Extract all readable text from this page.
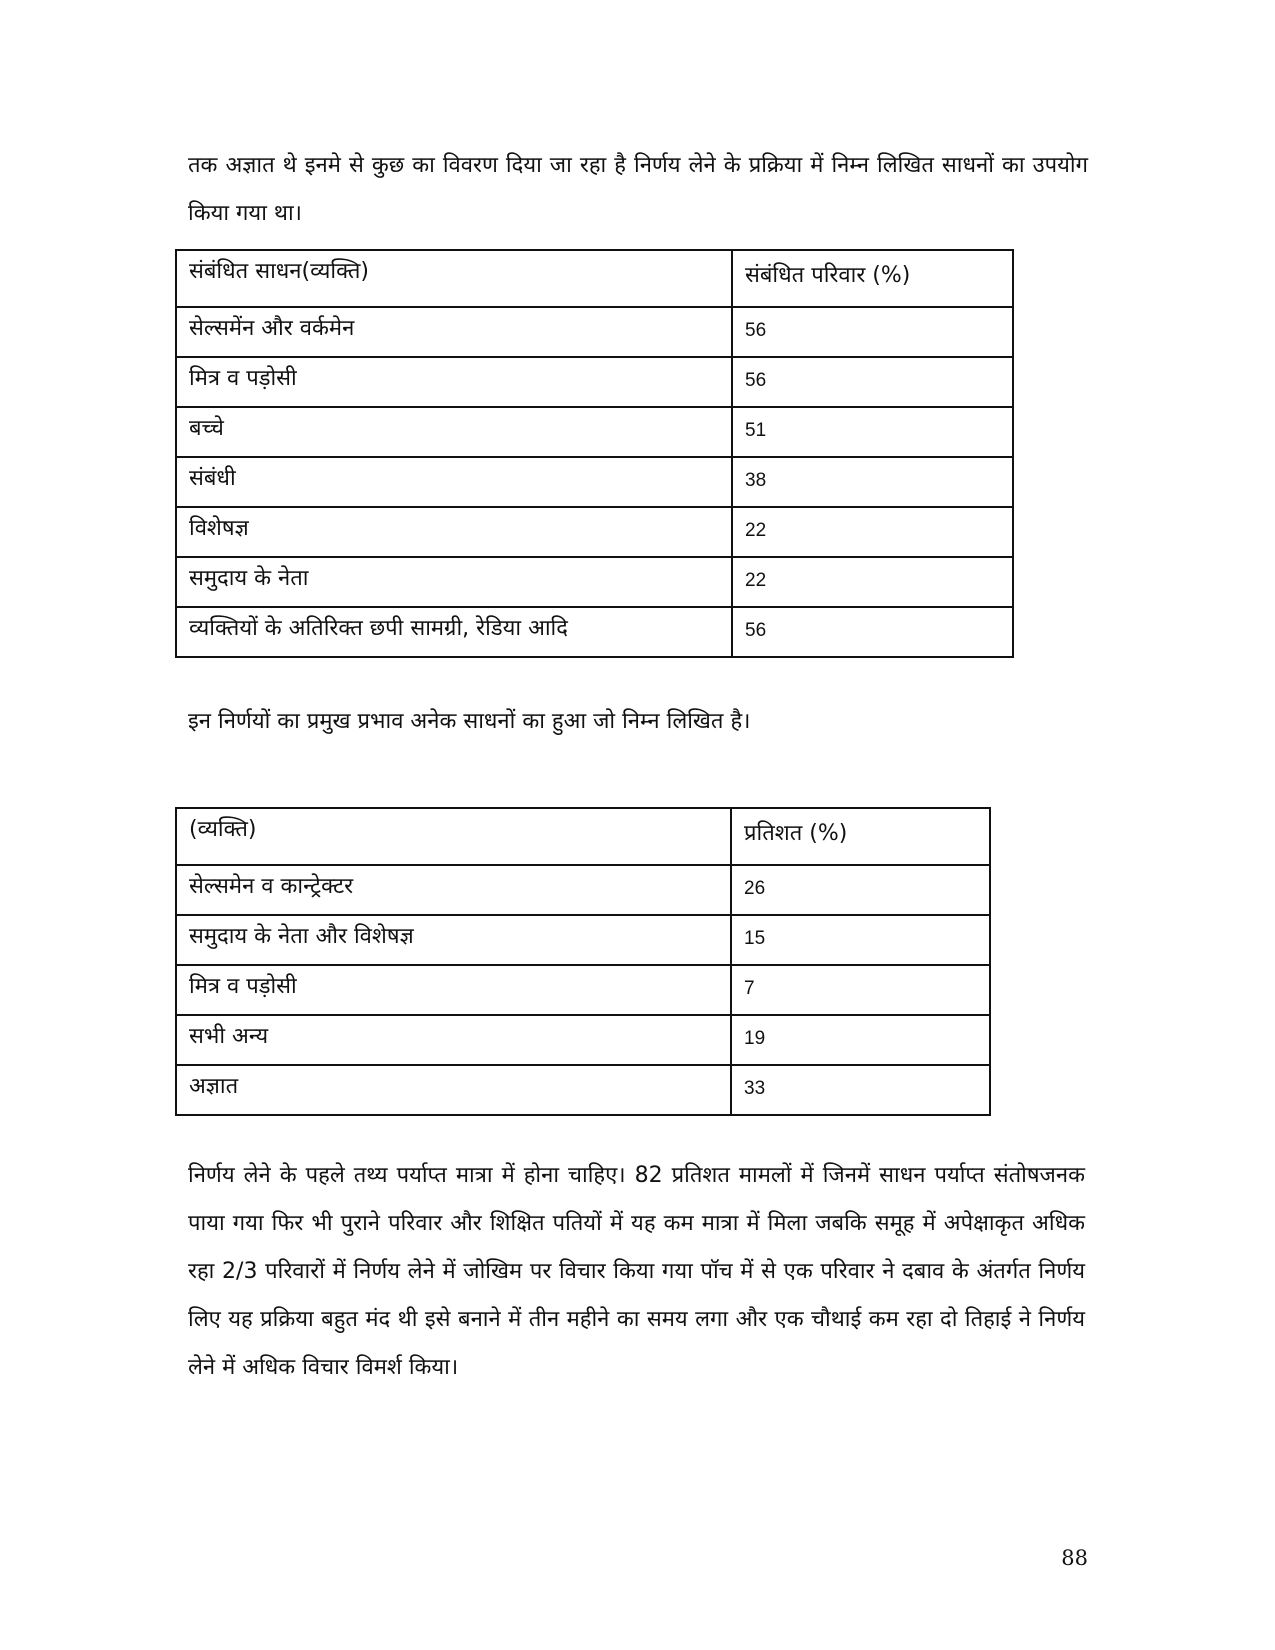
तक अज्ञात थे इनमे से कुछ का विवरण दिया जा रहा है निर्णय लेने के प्रक्रिया में निम्न लिखित साधनों का उपयोग किया गया था।

संबंधित साधन(व्यक्ति)	संबंधित परिवार (%)
सेल्समेंन और वर्कमेन	56
मित्र व पड़ोसी	56
बच्चे	51
संबंधी	38
विशेषज्ञ	22
समुदाय के नेता	22
व्यक्तियों के अतिरिक्त छपी सामग्री, रेडिया आदि	56

इन निर्णयों का प्रमुख प्रभाव अनेक साधनों का हुआ जो निम्न लिखित है।

(व्यक्ति)	प्रतिशत (%)
सेल्समेन व कान्ट्रेक्टर	26
समुदाय के नेता और विशेषज्ञ	15
मित्र व पड़ोसी	7
सभी अन्य	19
अज्ञात	33

निर्णय लेने के पहले तथ्य पर्याप्त मात्रा में होना चाहिए। 82 प्रतिशत मामलों में जिनमें साधन पर्याप्त संतोषजनक पाया गया फिर भी पुराने परिवार और शिक्षित पतियों में यह कम मात्रा में मिला जबकि समूह में अपेक्षाकृत अधिक रहा 2/3 परिवारों में निर्णय लेने में जोखिम पर विचार किया गया पॉच में से एक परिवार ने दबाव के अंतर्गत निर्णय लिए यह प्रक्रिया बहुत मंद थी इसे बनाने में तीन महीने का समय लगा और एक चौथाई कम रहा दो तिहाई ने निर्णय लेने में अधिक विचार विमर्श किया।

88
